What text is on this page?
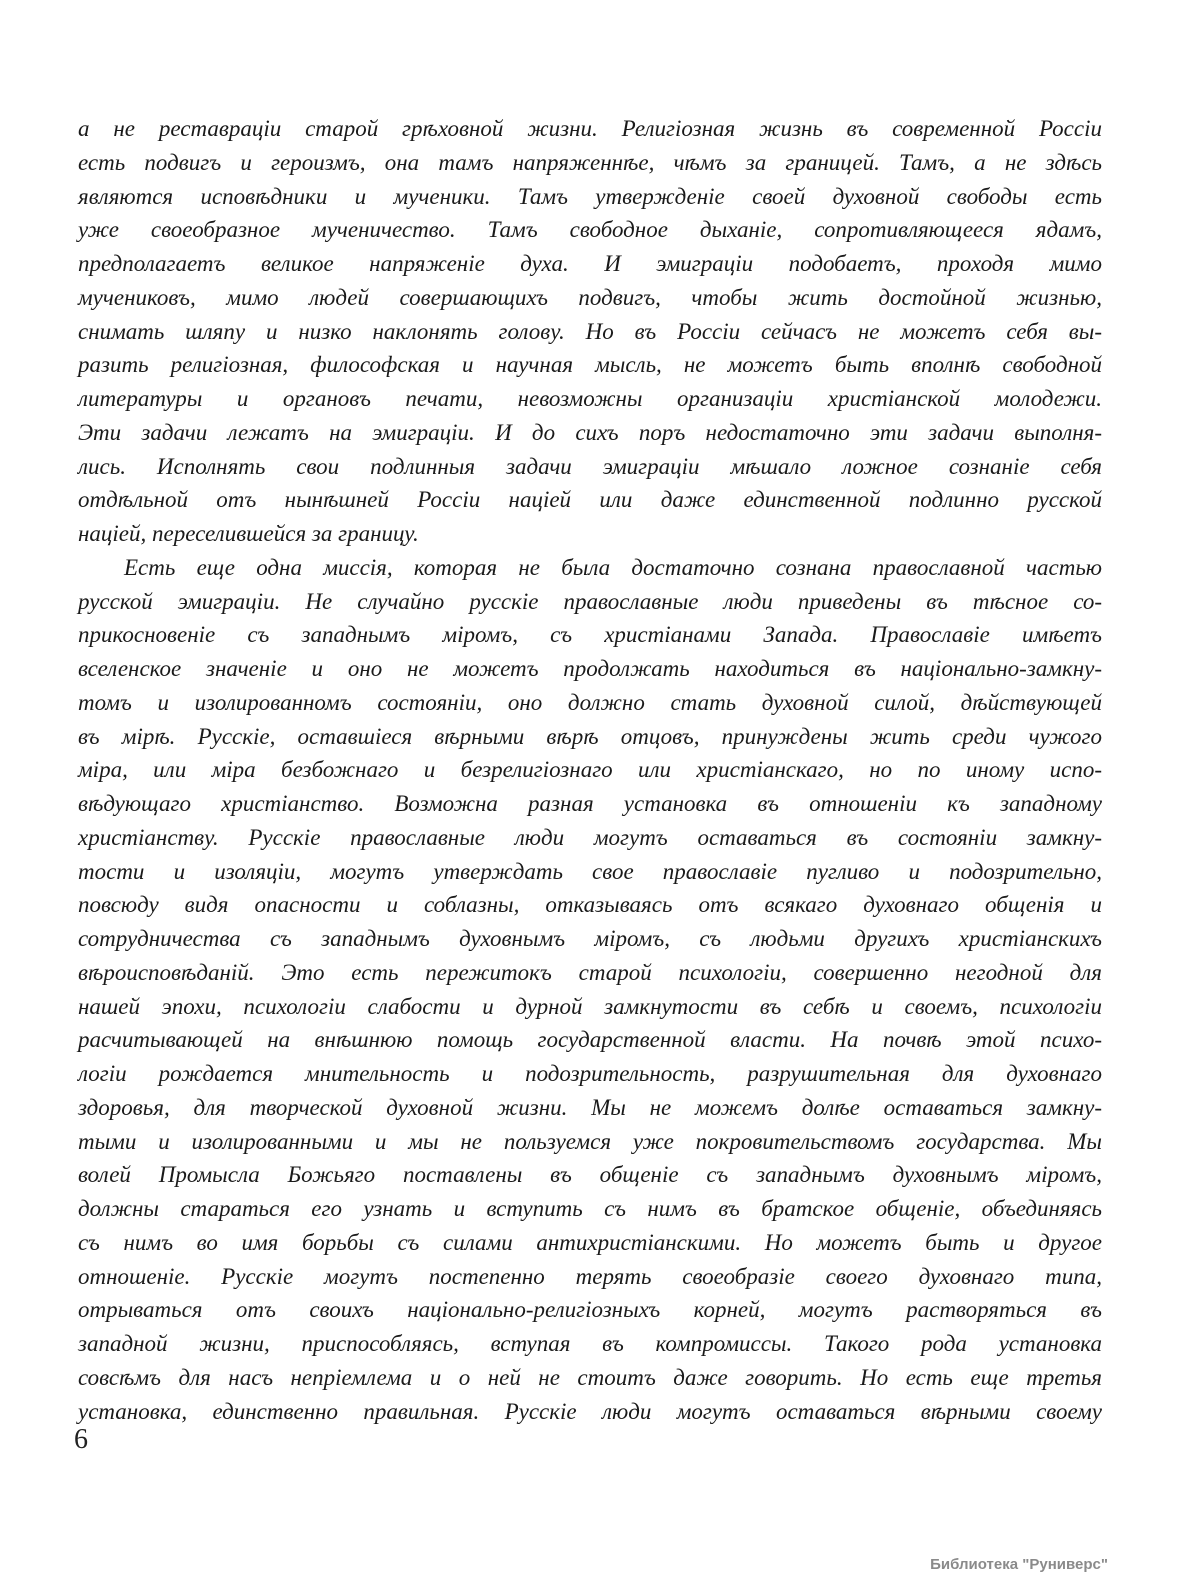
а не реставраціи старой грѣховной жизни. Религіозная жизнь въ современной Россіи
есть подвигъ и героизмъ, она тамъ напряженнѣе, чѣмъ за границей. Тамъ, а не здѣсь
являются исповѣдники и мученики. Тамъ утвержденіе своей духовной свободы есть
уже своеобразное мученичество. Тамъ свободное дыханіе, сопротивляющееся ядамъ,
предполагаетъ великое напряженіе духа. И эмиграціи подобаетъ, проходя мимо
мучениковъ, мимо людей совершающихъ подвигъ, чтобы жить достойной жизнью,
снимать шляпу и низко наклонять голову. Но въ Россіи сейчасъ не можетъ себя вы-
разить религіозная, философская и научная мысль, не можетъ быть вполнѣ свободной
литературы и органовъ печати, невозможны организаціи христіанской молодежи.
Эти задачи лежатъ на эмиграціи. И до сихъ поръ недостаточно эти задачи выполня-
лись. Исполнять свои подлинныя задачи эмиграціи мѣшало ложное сознаніе себя
отдѣльной отъ нынѣшней Россіи націей или даже единственной подлинно русской
націей, переселившейся за границу.
Есть еще одна миссія, которая не была достаточно сознана православной частью
русской эмиграціи. Не случайно русскіе православные люди приведены въ тѣсное со-
прикосновеніе съ западнымъ міромъ, съ христіанами Запада. Православіе имѣетъ
вселенское значеніе и оно не можетъ продолжать находиться въ національно-замкну-
томъ и изолированномъ состояніи, оно должно стать духовной силой, дѣйствующей
въ мірѣ. Русскіе, оставшіеся вѣрными вѣрѣ отцовъ, принуждены жить среди чужого
міра, или міра безбожнаго и безрелигіознаго или христіанскаго, но по иному испо-
вѣдующаго христіанство. Возможна разная установка въ отношеніи къ западному
христіанству. Русскіе православные люди могутъ оставаться въ состояніи замкну-
тости и изоляціи, могутъ утверждать свое православіе пугливо и подозрительно,
повсюду видя опасности и соблазны, отказываясь отъ всякаго духовнаго общенія и
сотрудничества съ западнымъ духовнымъ міромъ, съ людьми другихъ христіанскихъ
вѣроисповѣданій. Это есть пережитокъ старой психологіи, совершенно негодной для
нашей эпохи, психологіи слабости и дурной замкнутости въ себѣ и своемъ, психологіи
расчитывающей на внѣшнюю помощь государственной власти. На почвѣ этой психо-
логіи рождается мнительность и подозрительность, разрушительная для духовнаго
здоровья, для творческой духовной жизни. Мы не можемъ долѣе оставаться замкну-
тыми и изолированными и мы не пользуемся уже покровительствомъ государства. Мы
волей Промысла Божьяго поставлены въ общеніе съ западнымъ духовнымъ міромъ,
должны стараться его узнать и вступить съ нимъ въ братское общеніе, объединяясь
съ нимъ во имя борьбы съ силами антихристіанскими. Но можетъ быть и другое
отношеніе. Русскіе могутъ постепенно терять своеобразіе своего духовнаго типа,
отрываться отъ своихъ національно-религіозныхъ корней, могутъ растворяться въ
западной жизни, приспособляясь, вступая въ компромиссы. Такого рода установка
совсѣмъ для насъ непріемлема и о ней не стоитъ даже говорить. Но есть еще третья
установка, единственно правильная. Русскіе люди могутъ оставаться вѣрными своему
6
Библиотека "Руниверс"
